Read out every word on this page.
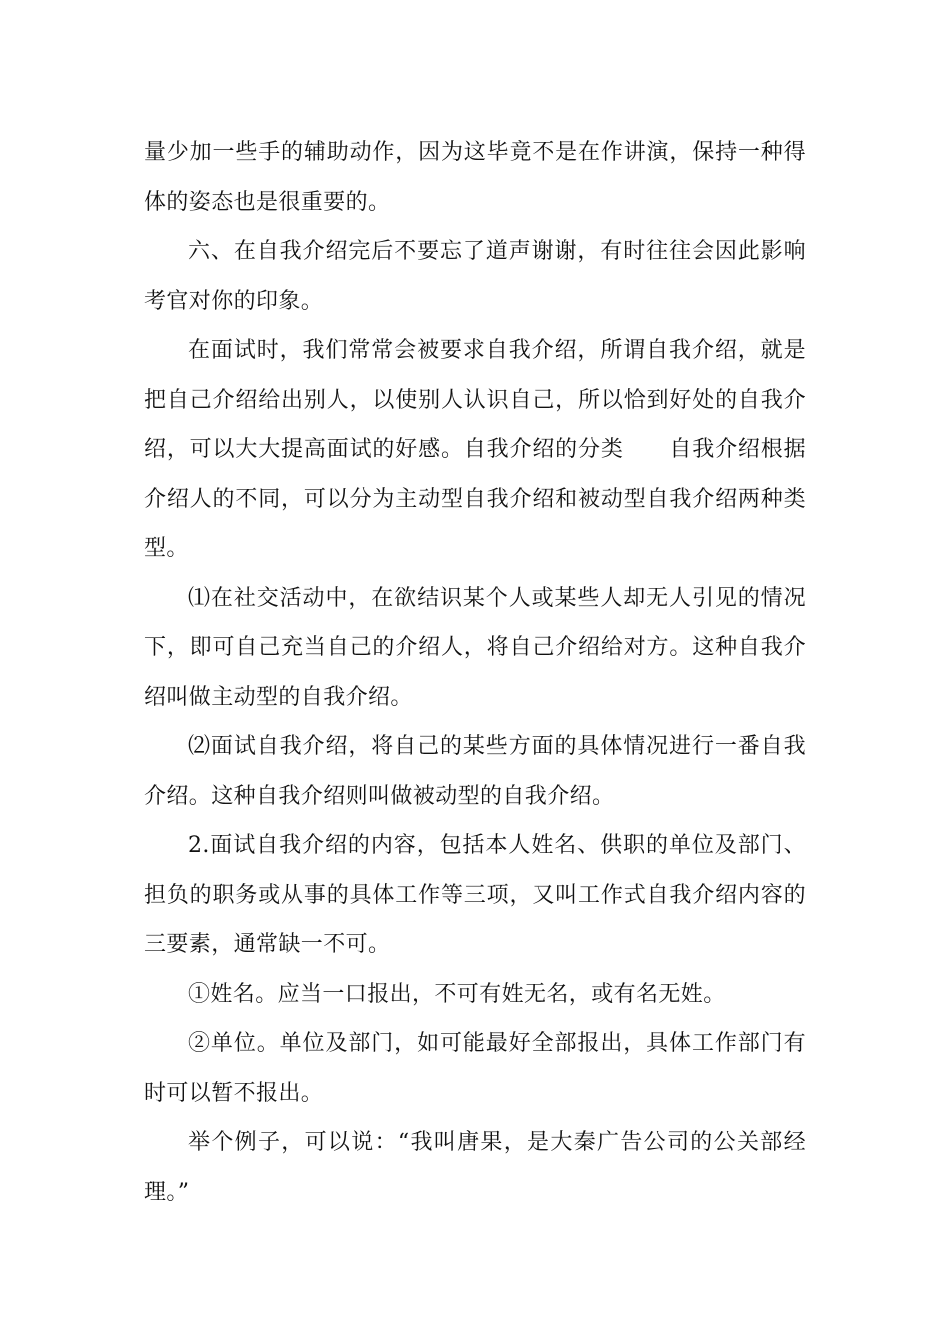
量少加一些手的辅助动作，因为这毕竟不是在作讲演，保持一种得体的姿态也是很重要的。

六、在自我介绍完后不要忘了道声谢谢，有时往往会因此影响考官对你的印象。

在面试时，我们常常会被要求自我介绍，所谓自我介绍，就是把自己介绍给出别人，以使别人认识自己，所以恰到好处的自我介绍，可以大大提高面试的好感。自我介绍的分类　　自我介绍根据介绍人的不同，可以分为主动型自我介绍和被动型自我介绍两种类型。

⑴在社交活动中，在欲结识某个人或某些人却无人引见的情况下，即可自己充当自己的介绍人，将自己介绍给对方。这种自我介绍叫做主动型的自我介绍。

⑵面试自我介绍，将自己的某些方面的具体情况进行一番自我介绍。这种自我介绍则叫做被动型的自我介绍。

2.面试自我介绍的内容，包括本人姓名、供职的单位及部门、担负的职务或从事的具体工作等三项，又叫工作式自我介绍内容的三要素，通常缺一不可。

①姓名。应当一口报出，不可有姓无名，或有名无姓。

②单位。单位及部门，如可能最好全部报出，具体工作部门有时可以暂不报出。

举个例子，可以说：“我叫唐果，是大秦广告公司的公关部经理。”
